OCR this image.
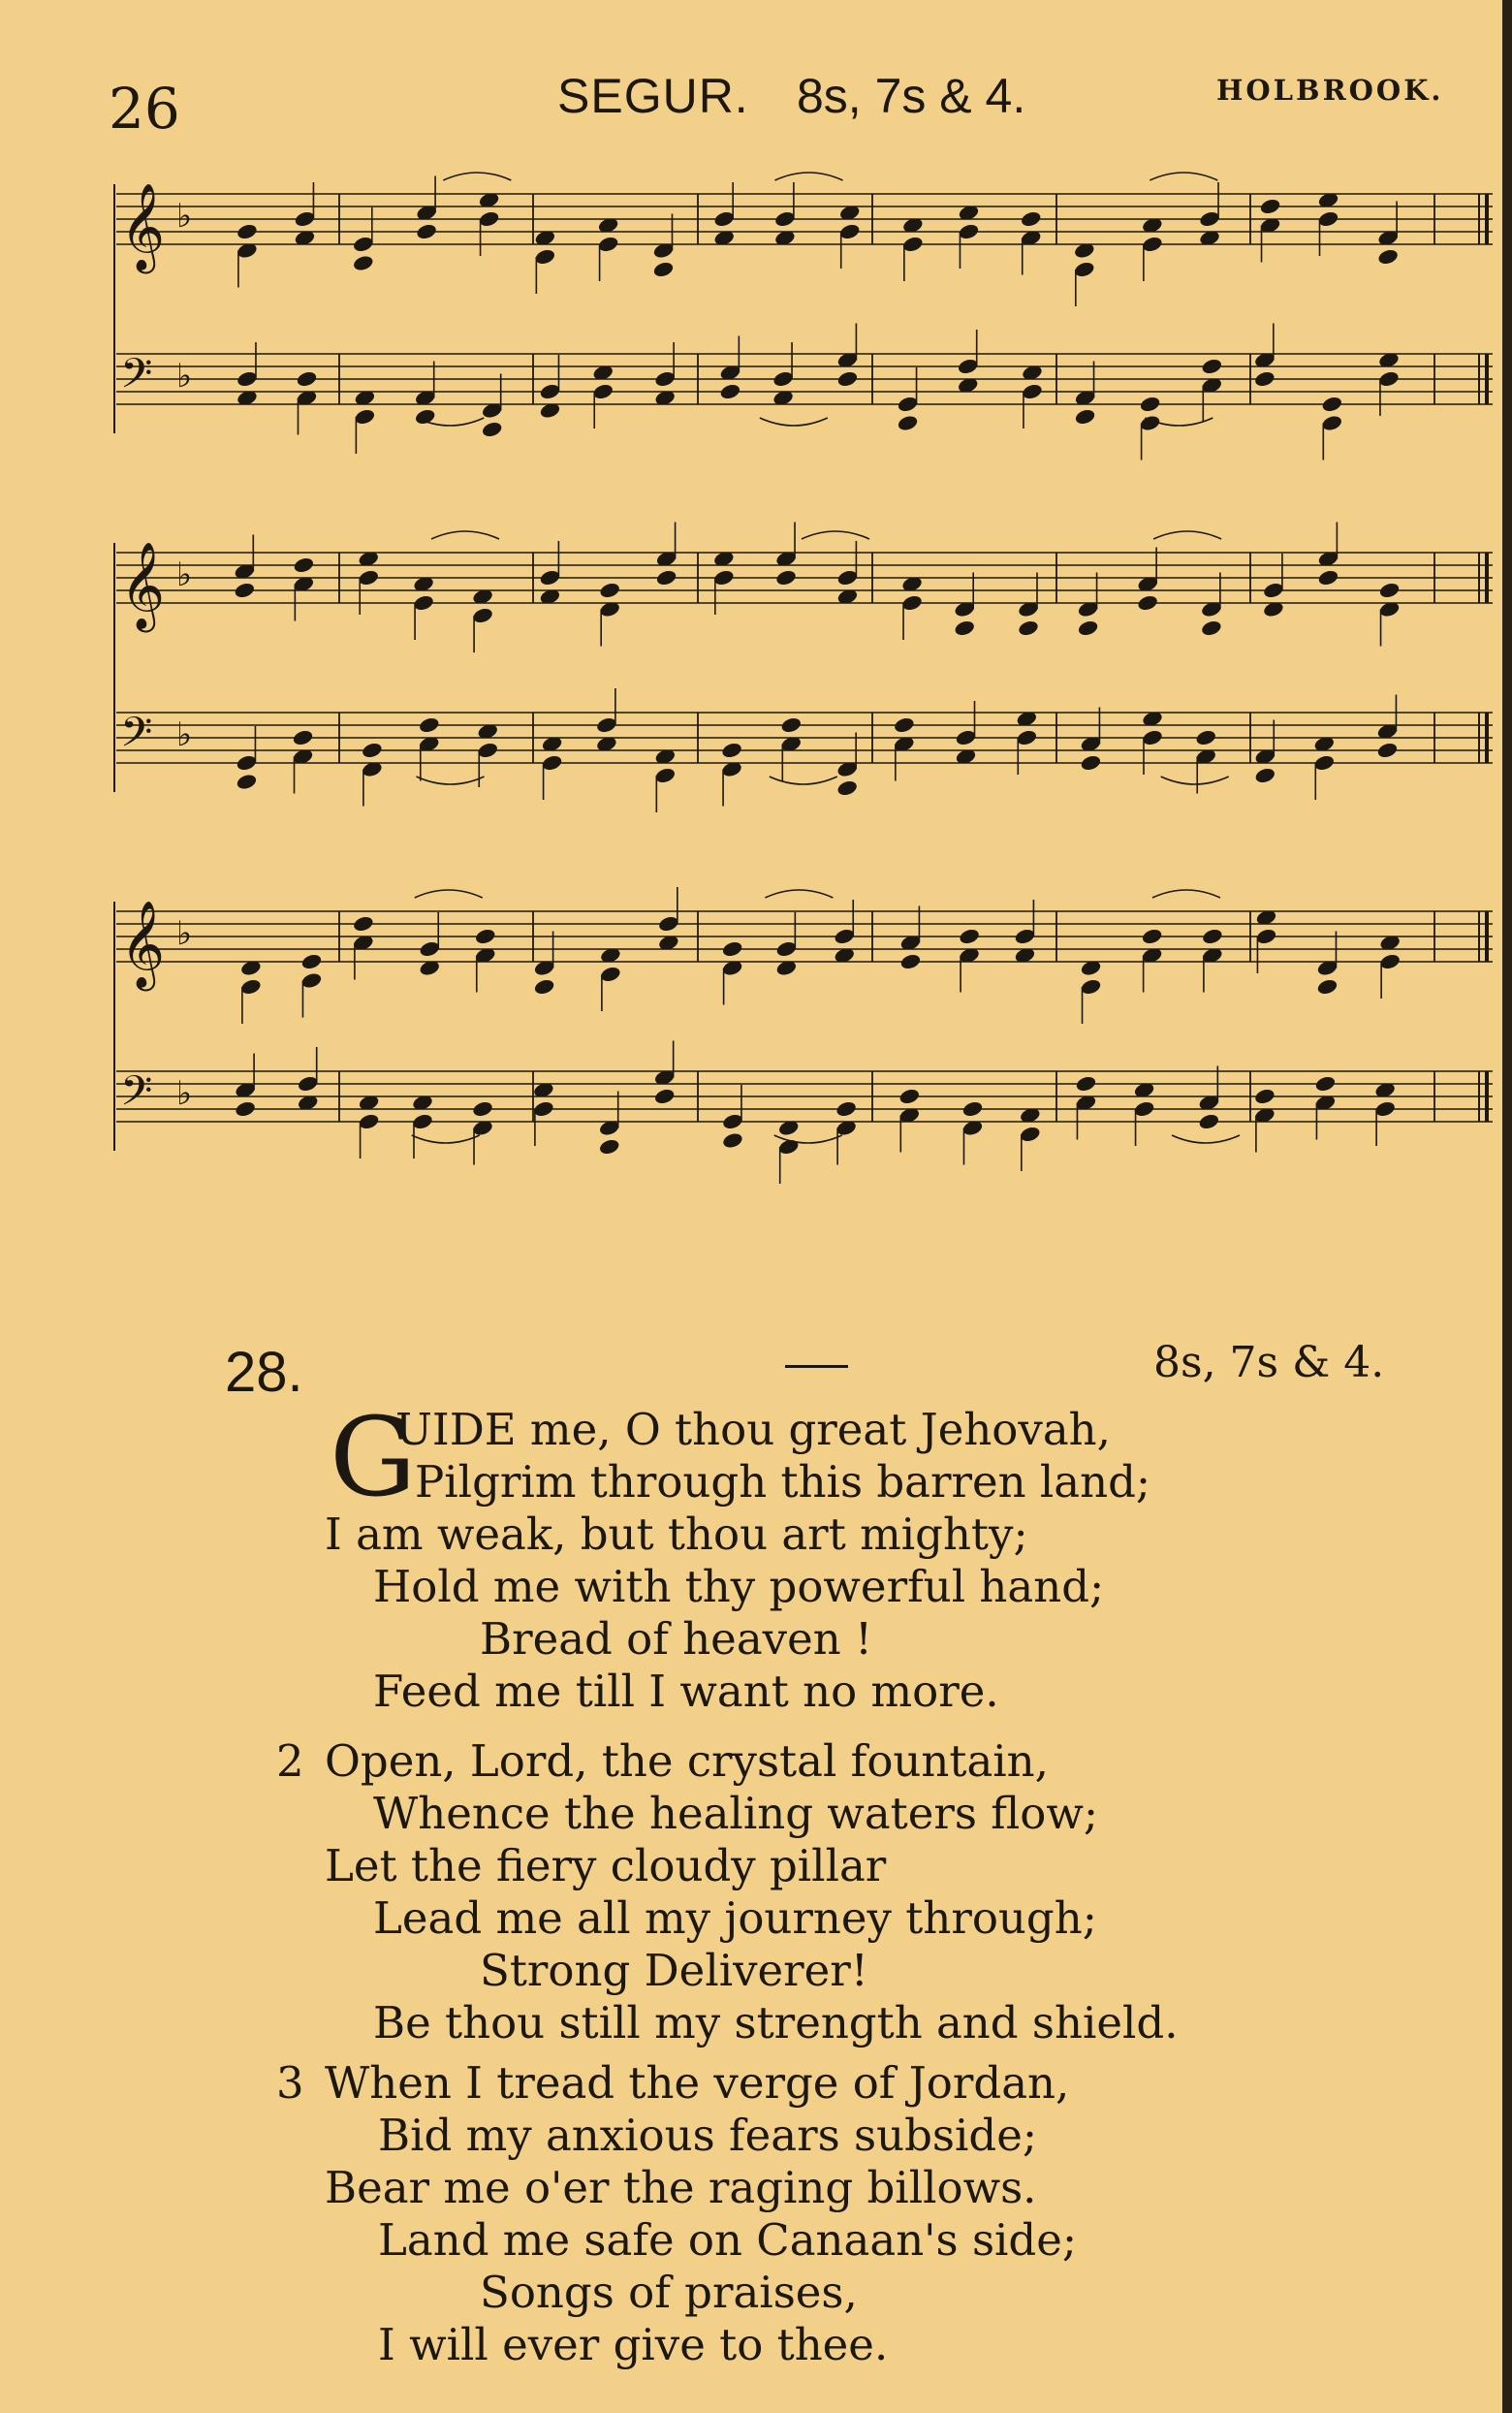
26	SEGUR. 8s, 7s & 4.	HOLBROOK.
𝄞 ♭
𝄢 ♭
𝄞 ♭
𝄢 ♭
𝄞 ♭
𝄢 ♭
28.	8s, 7s & 4.
G
UIDE me, O thou great Jehovah,
Pilgrim through this barren land;
I am weak, but thou art mighty;
Hold me with thy powerful hand;
Bread of heaven !
Feed me till I want no more.
2 Open, Lord, the crystal fountain,
Whence the healing waters flow;
Let the fiery cloudy pillar
Lead me all my journey through;
Strong Deliverer!
Be thou still my strength and shield.
3 When I tread the verge of Jordan,
Bid my anxious fears subside;
Bear me o'er the raging billows.
Land me safe on Canaan's side;
Songs of praises,
I will ever give to thee.
